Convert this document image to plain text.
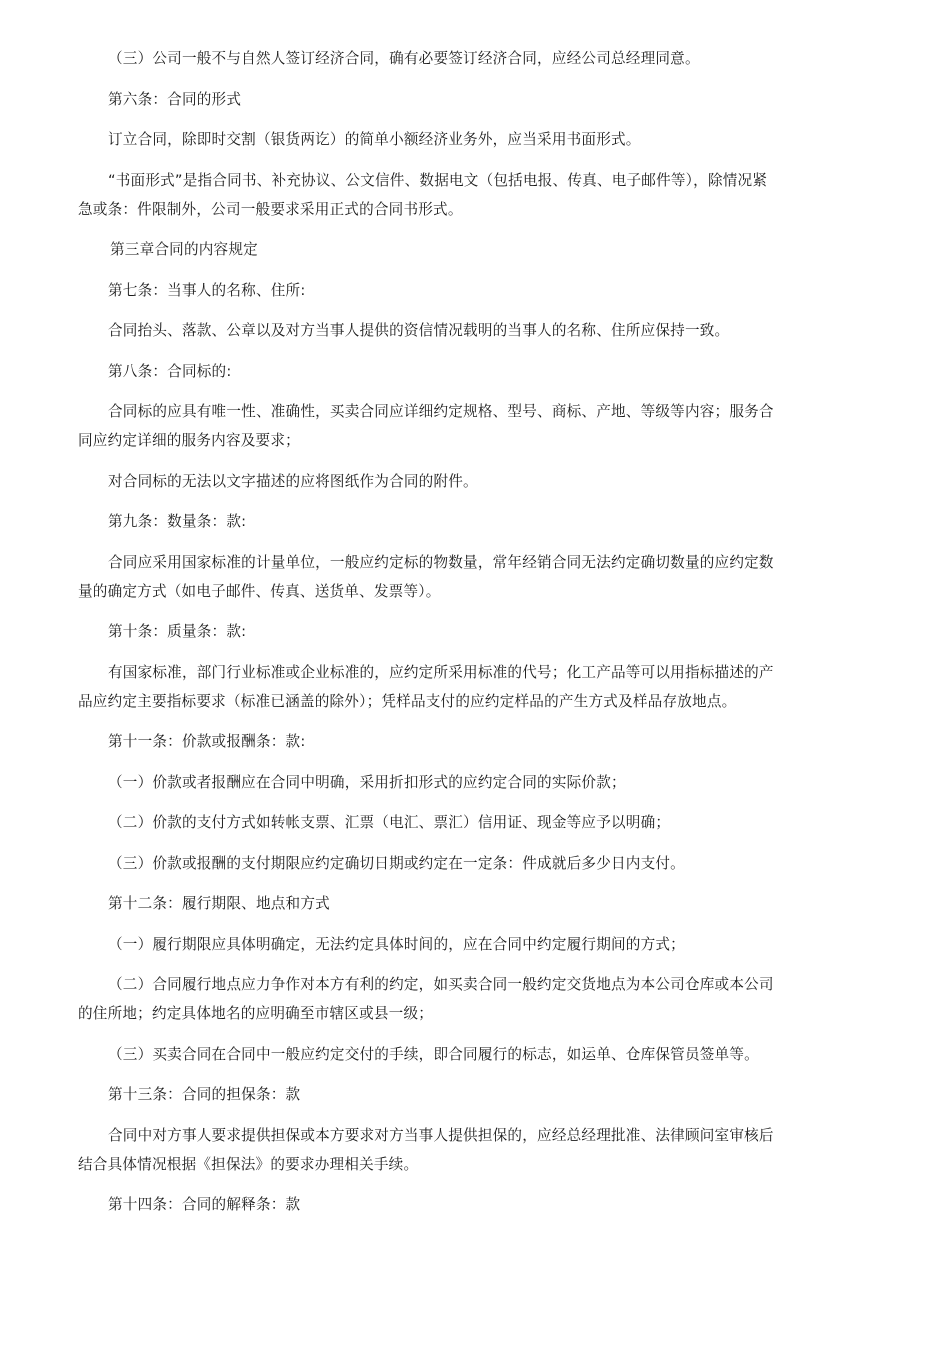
（三）公司一般不与自然人签订经济合同，确有必要签订经济合同，应经公司总经理同意。

第六条：合同的形式

订立合同，除即时交割（银货两讫）的简单小额经济业务外，应当采用书面形式。

“书面形式”是指合同书、补充协议、公文信件、数据电文（包括电报、传真、电子邮件等），除情况紧急或条：件限制外，公司一般要求采用正式的合同书形式。

第三章合同的内容规定

第七条：当事人的名称、住所:

合同抬头、落款、公章以及对方当事人提供的资信情况载明的当事人的名称、住所应保持一致。

第八条：合同标的:

合同标的应具有唯一性、准确性，买卖合同应详细约定规格、型号、商标、产地、等级等内容；服务合同应约定详细的服务内容及要求；

对合同标的无法以文字描述的应将图纸作为合同的附件。

第九条：数量条：款:

合同应采用国家标准的计量单位，一般应约定标的物数量，常年经销合同无法约定确切数量的应约定数量的确定方式（如电子邮件、传真、送货单、发票等）。

第十条：质量条：款:

有国家标准，部门行业标准或企业标准的，应约定所采用标准的代号；化工产品等可以用指标描述的产品应约定主要指标要求（标准已涵盖的除外）；凭样品支付的应约定样品的产生方式及样品存放地点。

第十一条：价款或报酬条：款:

（一）价款或者报酬应在合同中明确，采用折扣形式的应约定合同的实际价款；

（二）价款的支付方式如转帐支票、汇票（电汇、票汇）信用证、现金等应予以明确；

（三）价款或报酬的支付期限应约定确切日期或约定在一定条：件成就后多少日内支付。

第十二条：履行期限、地点和方式

（一）履行期限应具体明确定，无法约定具体时间的，应在合同中约定履行期间的方式；

（二）合同履行地点应力争作对本方有利的约定，如买卖合同一般约定交货地点为本公司仓库或本公司的住所地；约定具体地名的应明确至市辖区或县一级；

（三）买卖合同在合同中一般应约定交付的手续，即合同履行的标志，如运单、仓库保管员签单等。

第十三条：合同的担保条：款

合同中对方事人要求提供担保或本方要求对方当事人提供担保的，应经总经理批准、法律顾问室审核后结合具体情况根据《担保法》的要求办理相关手续。

第十四条：合同的解释条：款
